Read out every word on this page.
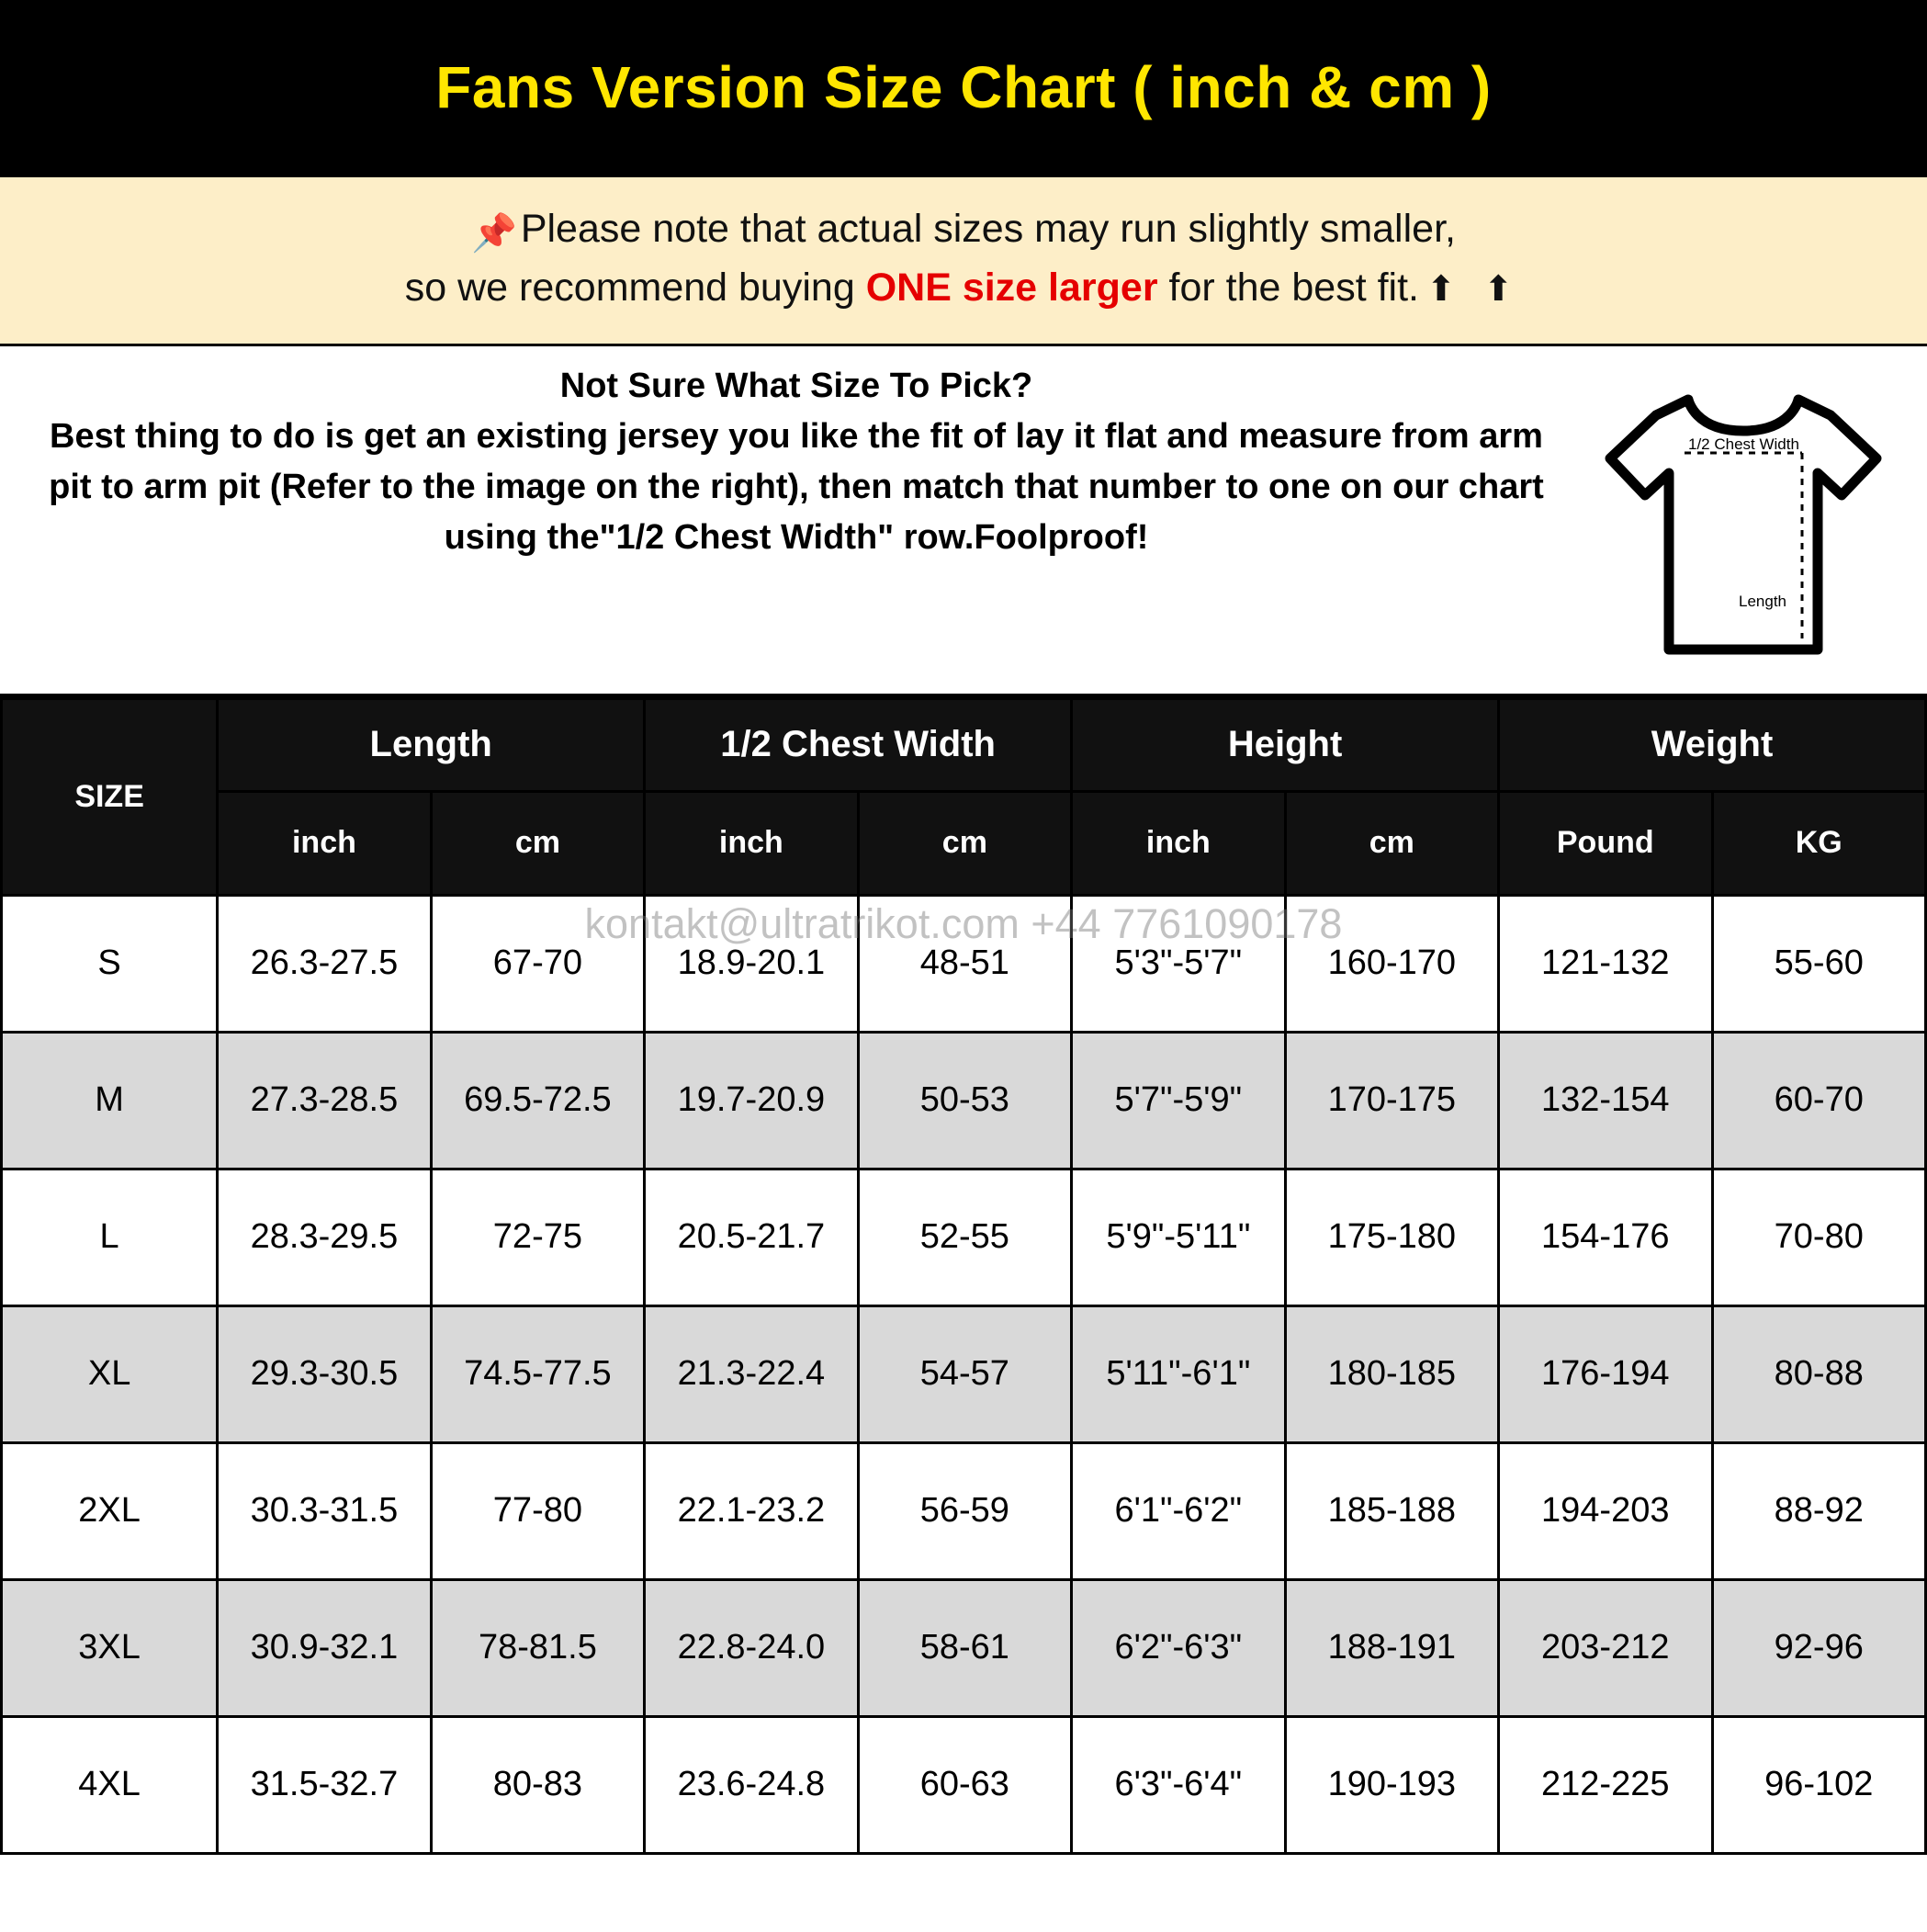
Fans Version Size Chart ( inch & cm )
📌Please note that actual sizes may run slightly smaller,
so we recommend buying ONE size larger for the best fit. ⬆ ⬆
Not Sure What Size To Pick?
Best thing to do is get an existing jersey you like the fit of lay it flat and measure from arm pit to arm pit (Refer to the image on the right), then match that number to one on our chart using the"1/2 Chest Width" row.Foolproof!
1/2 Chest Width
Length
kontakt@ultratrikot.com +44 7761090178
SIZE	Length		1/2 Chest Width		Height		Weight	
	inch	cm	inch	cm	inch	cm	Pound	KG
S	26.3-27.5	67-70	18.9-20.1	48-51	5'3"-5'7"	160-170	121-132	55-60
M	27.3-28.5	69.5-72.5	19.7-20.9	50-53	5'7"-5'9"	170-175	132-154	60-70
L	28.3-29.5	72-75	20.5-21.7	52-55	5'9"-5'11"	175-180	154-176	70-80
XL	29.3-30.5	74.5-77.5	21.3-22.4	54-57	5'11"-6'1"	180-185	176-194	80-88
2XL	30.3-31.5	77-80	22.1-23.2	56-59	6'1"-6'2"	185-188	194-203	88-92
3XL	30.9-32.1	78-81.5	22.8-24.0	58-61	6'2"-6'3"	188-191	203-212	92-96
4XL	31.5-32.7	80-83	23.6-24.8	60-63	6'3"-6'4"	190-193	212-225	96-102
